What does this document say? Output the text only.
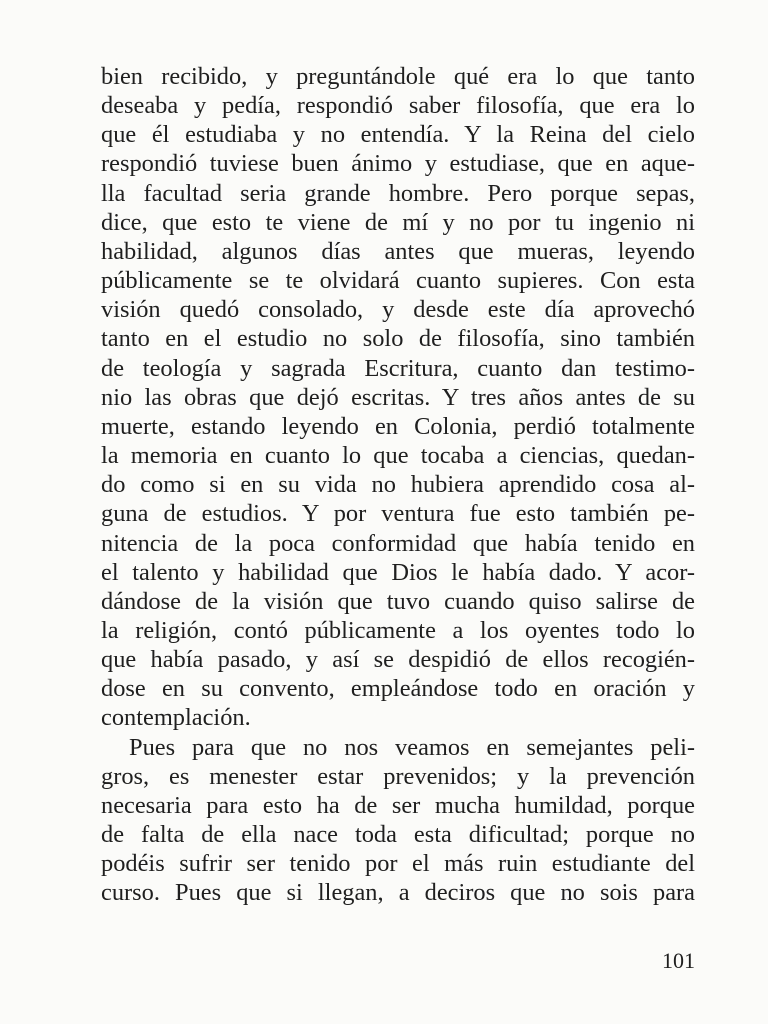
bien recibido, y preguntándole qué era lo que tanto
deseaba y pedía, respondió saber filosofía, que era lo
que él estudiaba y no entendía. Y la Reina del cielo
respondió tuviese buen ánimo y estudiase, que en aque-
lla facultad seria grande hombre. Pero porque sepas,
dice, que esto te viene de mí y no por tu ingenio ni
habilidad, algunos días antes que mueras, leyendo
públicamente se te olvidará cuanto supieres. Con esta
visión quedó consolado, y desde este día aprovechó
tanto en el estudio no solo de filosofía, sino también
de teología y sagrada Escritura, cuanto dan testimo-
nio las obras que dejó escritas. Y tres años antes de su
muerte, estando leyendo en Colonia, perdió totalmente
la memoria en cuanto lo que tocaba a ciencias, quedan-
do como si en su vida no hubiera aprendido cosa al-
guna de estudios. Y por ventura fue esto también pe-
nitencia de la poca conformidad que había tenido en
el talento y habilidad que Dios le había dado. Y acor-
dándose de la visión que tuvo cuando quiso salirse de
la religión, contó públicamente a los oyentes todo lo
que había pasado, y así se despidió de ellos recogién-
dose en su convento, empleándose todo en oración y
contemplación.
Pues para que no nos veamos en semejantes peli-
gros, es menester estar prevenidos; y la prevención
necesaria para esto ha de ser mucha humildad, porque
de falta de ella nace toda esta dificultad; porque no
podéis sufrir ser tenido por el más ruin estudiante del
curso. Pues que si llegan, a deciros que no sois para
101
